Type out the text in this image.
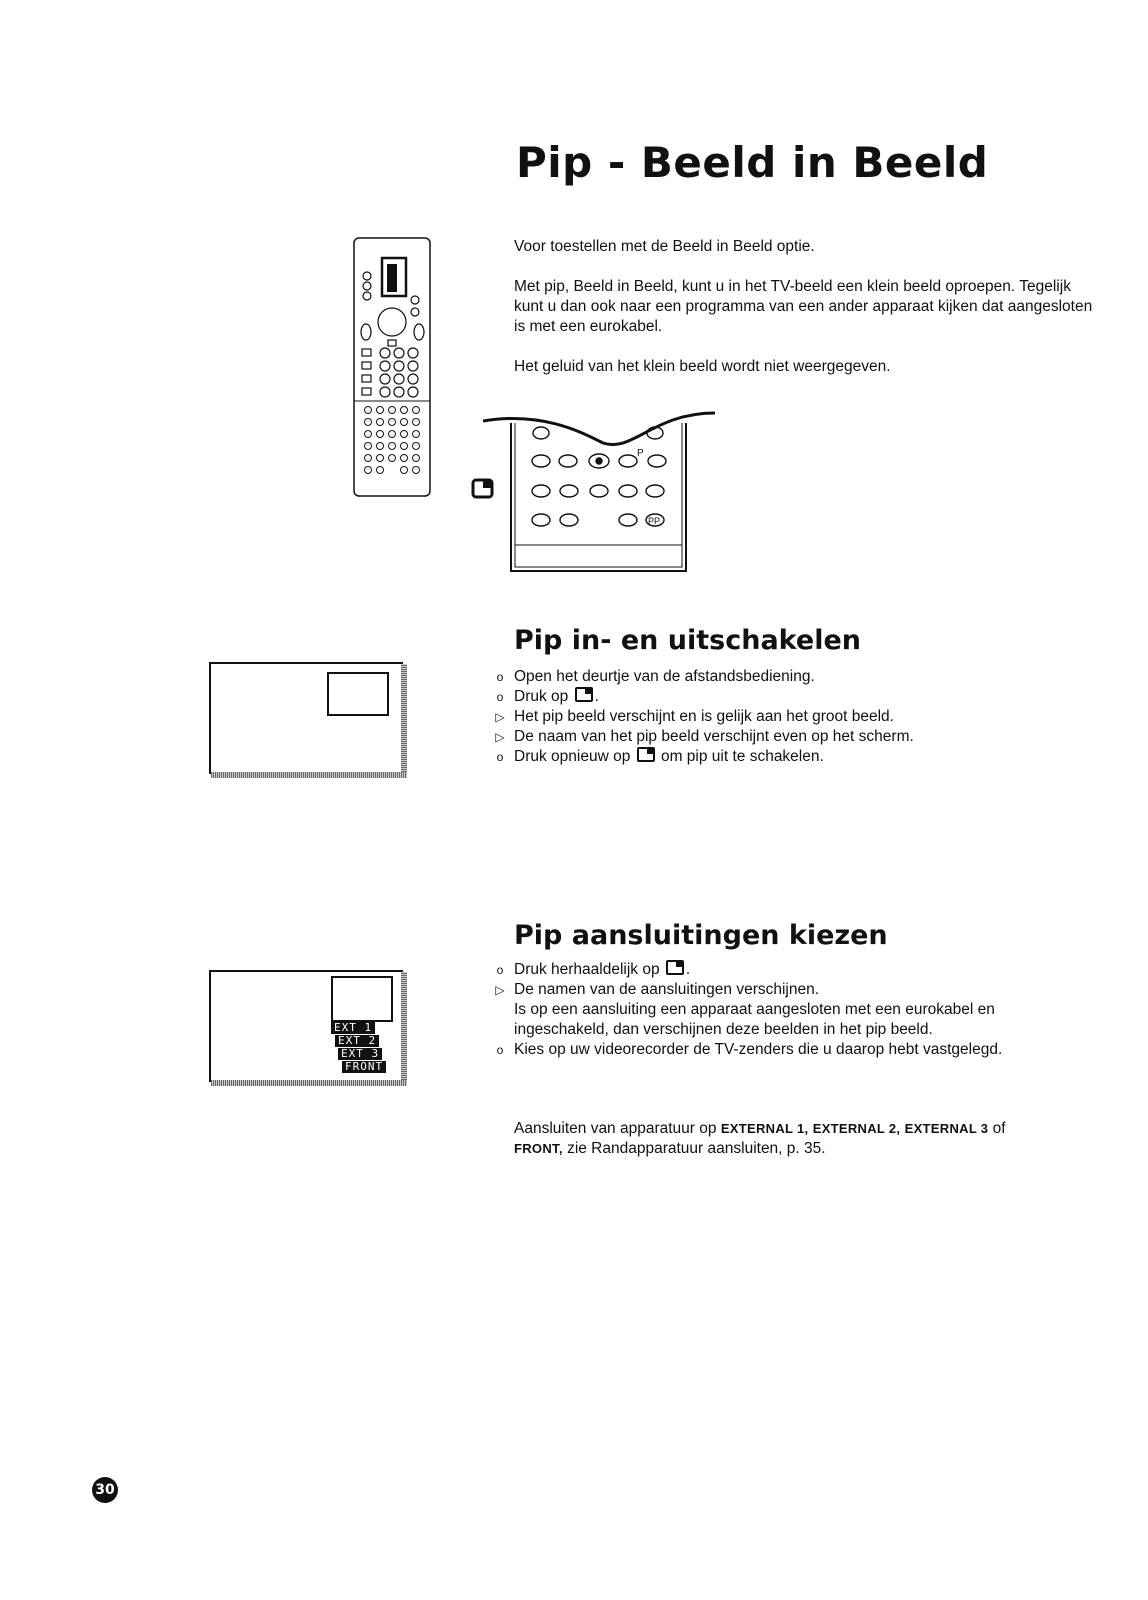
Pip - Beeld in Beeld

Voor toestellen met de Beeld in Beeld optie.

Met pip, Beeld in Beeld, kunt u in het TV-beeld een klein beeld oproepen. Tegelijk kunt u dan ook naar een programma van een ander apparaat kijken dat aangesloten is met een eurokabel.

Het geluid van het klein beeld wordt niet weergegeven.

P
PP
Pip in- en uitschakelen
o Open het deurtje van de afstandsbediening.
o Druk op .
▷ Het pip beeld verschijnt en is gelijk aan het groot beeld.
▷ De naam van het pip beeld verschijnt even op het scherm.
o Druk opnieuw op om pip uit te schakelen.
Pip aansluitingen kiezen
EXT 1
EXT 2
EXT 3
FRONT
o Druk herhaaldelijk op .
▷ De namen van de aansluitingen verschijnen.
Is op een aansluiting een apparaat aangesloten met een eurokabel en ingeschakeld, dan verschijnen deze beelden in het pip beeld.
o Kies op uw videorecorder de TV-zenders die u daarop hebt vastgelegd.
Aansluiten van apparatuur op EXTERNAL 1, EXTERNAL 2, EXTERNAL 3 of
FRONT, zie Randapparatuur aansluiten, p. 35.
30
